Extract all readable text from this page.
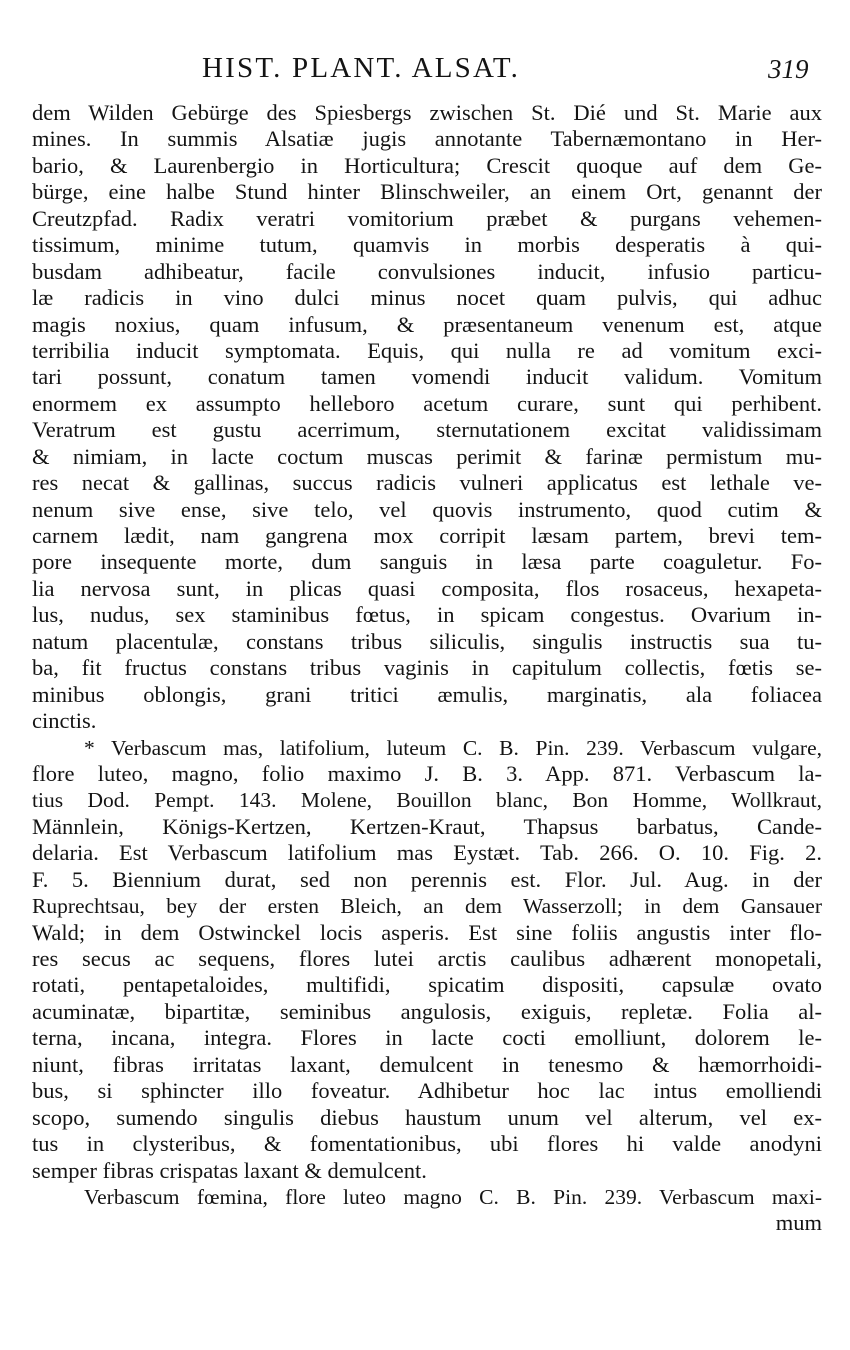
HIST. PLANT. ALSAT.	319
dem Wilden Gebürge des Spiesbergs zwischen St. Dié und St. Marie aux
mines. In summis Alsatiæ jugis annotante Tabernæmontano in Her-
bario, & Laurenbergio in Horticultura; Crescit quoque auf dem Ge-
bürge, eine halbe Stund hinter Blinschweiler, an einem Ort, genannt der
Creutzpfad. Radix veratri vomitorium præbet & purgans vehemen-
tissimum, minime tutum, quamvis in morbis desperatis à qui-
busdam adhibeatur, facile convulsiones inducit, infusio particu-
læ radicis in vino dulci minus nocet quam pulvis, qui adhuc
magis noxius, quam infusum, & præsentaneum venenum est, atque
terribilia inducit symptomata. Equis, qui nulla re ad vomitum exci-
tari possunt, conatum tamen vomendi inducit validum. Vomitum
enormem ex assumpto helleboro acetum curare, sunt qui perhibent.
Veratrum est gustu acerrimum, sternutationem excitat validissimam
& nimiam, in lacte coctum muscas perimit & farinæ permistum mu-
res necat & gallinas, succus radicis vulneri applicatus est lethale ve-
nenum sive ense, sive telo, vel quovis instrumento, quod cutim &
carnem lædit, nam gangrena mox corripit læsam partem, brevi tem-
pore insequente morte, dum sanguis in læsa parte coaguletur. Fo-
lia nervosa sunt, in plicas quasi composita, flos rosaceus, hexapeta-
lus, nudus, sex staminibus fœtus, in spicam congestus. Ovarium in-
natum placentulæ, constans tribus siliculis, singulis instructis sua tu-
ba, fit fructus constans tribus vaginis in capitulum collectis, fœtis se-
minibus oblongis, grani tritici æmulis, marginatis, ala foliacea
cinctis.
* Verbascum mas, latifolium, luteum C. B. Pin. 239. Verbascum vulgare,
flore luteo, magno, folio maximo J. B. 3. App. 871. Verbascum la-
tius Dod. Pempt. 143. Molene, Bouillon blanc, Bon Homme, Wollkraut,
Männlein, Königs-Kertzen, Kertzen-Kraut, Thapsus barbatus, Cande-
delaria. Est Verbascum latifolium mas Eystæt. Tab. 266. O. 10. Fig. 2.
F. 5. Biennium durat, sed non perennis est. Flor. Jul. Aug. in der
Ruprechtsau, bey der ersten Bleich, an dem Wasserzoll; in dem Gansauer
Wald; in dem Ostwinckel locis asperis. Est sine foliis angustis inter flo-
res secus ac sequens, flores lutei arctis caulibus adhærent monopetali,
rotati, pentapetaloides, multifidi, spicatim dispositi, capsulæ ovato
acuminatæ, bipartitæ, seminibus angulosis, exiguis, repletæ. Folia al-
terna, incana, integra. Flores in lacte cocti emolliunt, dolorem le-
niunt, fibras irritatas laxant, demulcent in tenesmo & hæmorrhoidi-
bus, si sphincter illo foveatur. Adhibetur hoc lac intus emolliendi
scopo, sumendo singulis diebus haustum unum vel alterum, vel ex-
tus in clysteribus, & fomentationibus, ubi flores hi valde anodyni
semper fibras crispatas laxant & demulcent.
Verbascum fœmina, flore luteo magno C. B. Pin. 239. Verbascum maxi-
mum
